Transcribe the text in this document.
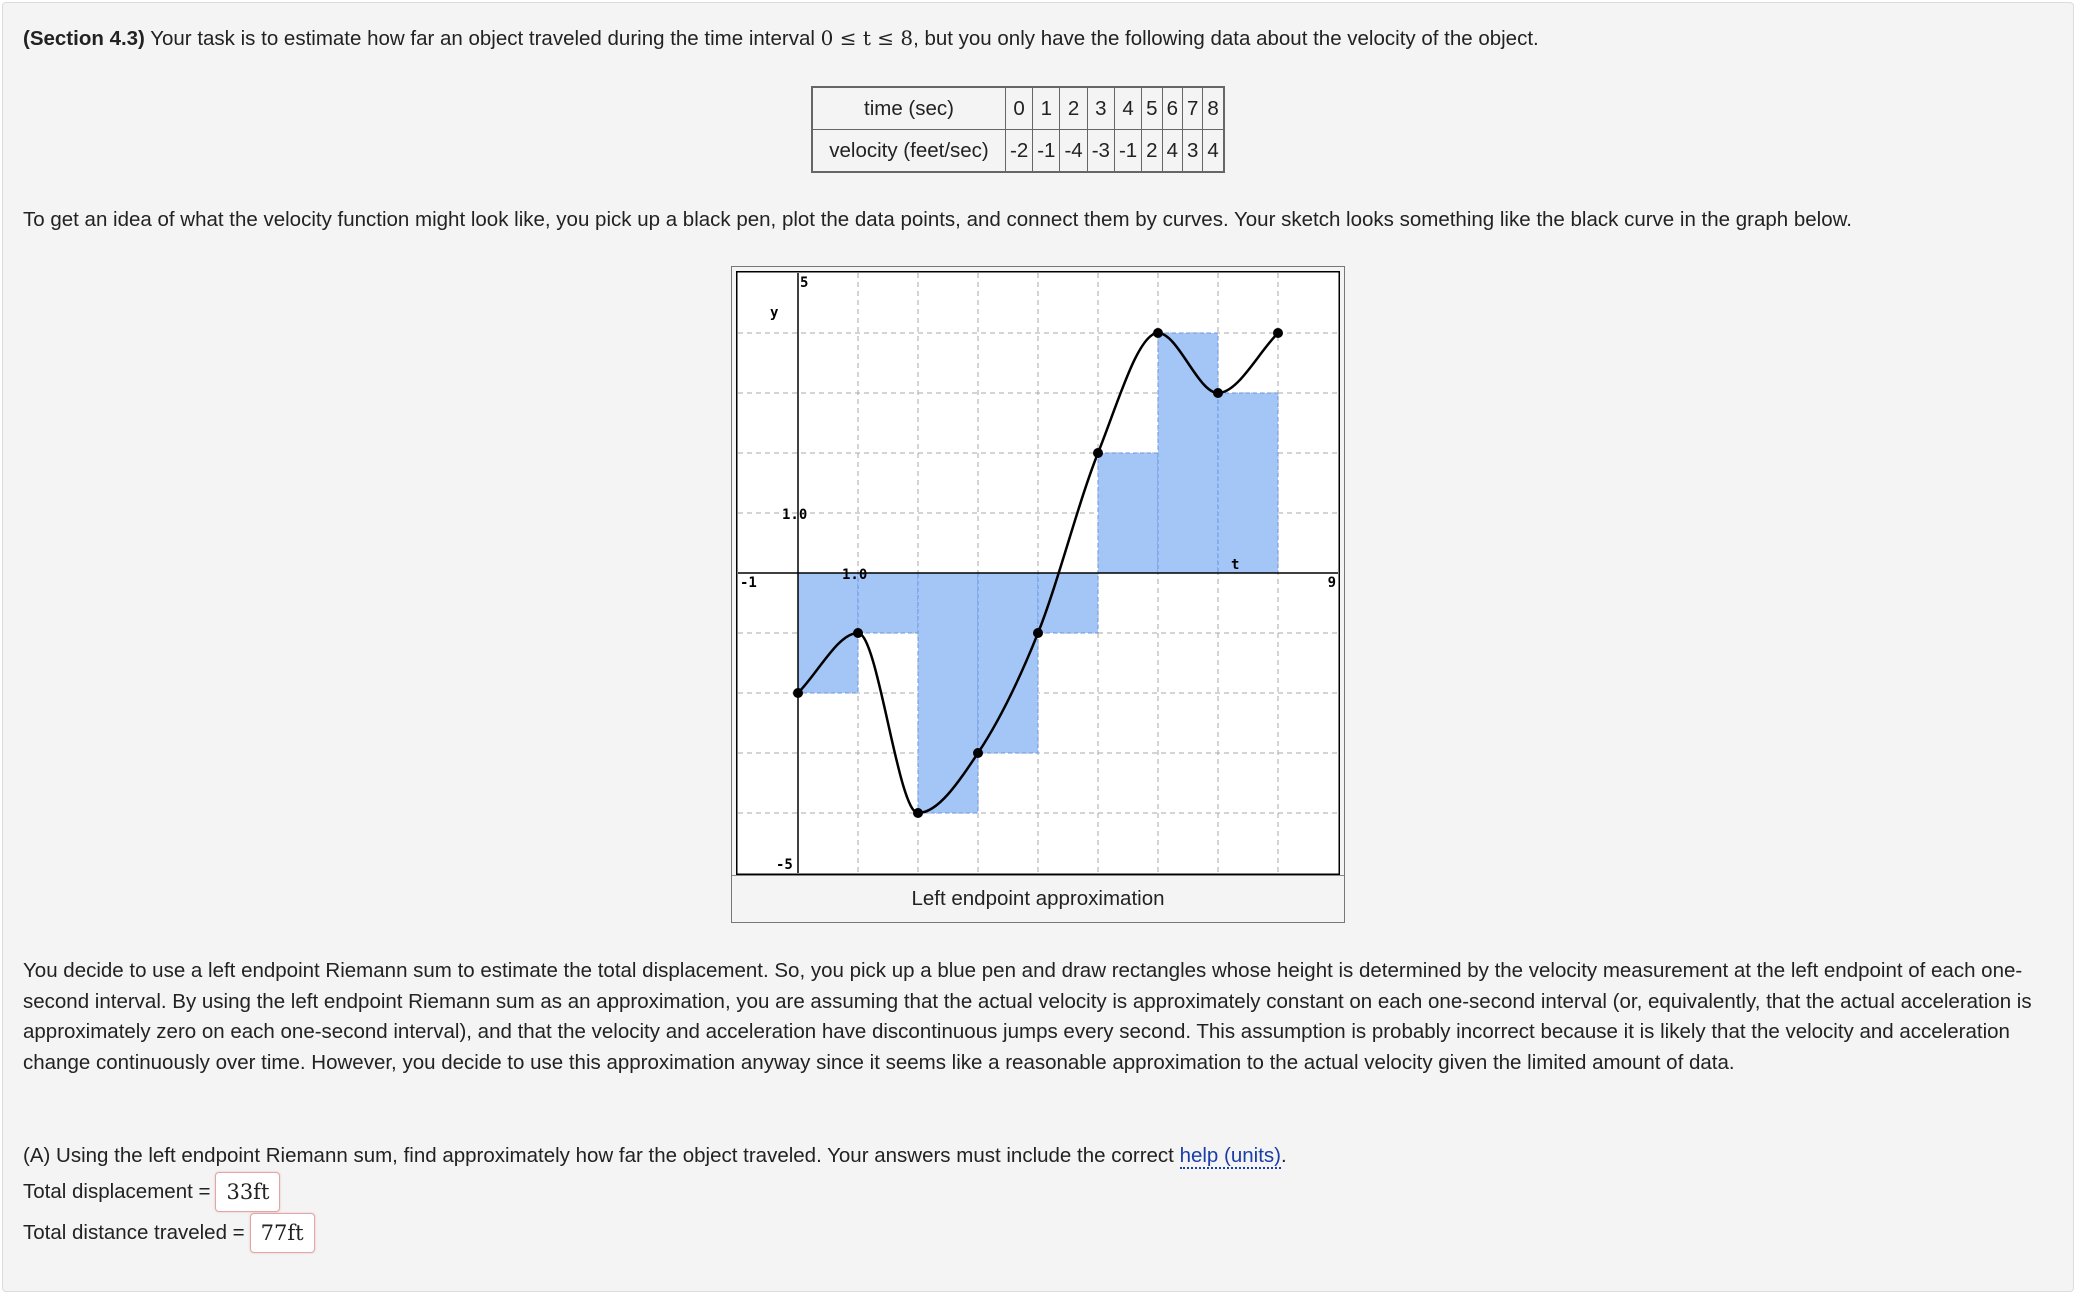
(Section 4.3) Your task is to estimate how far an object traveled during the time interval 0 ≤ t ≤ 8, but you only have the following data about the velocity of the object.
time (sec)	0	1	2	3	4	5	6	7	8
velocity (feet/sec)	-2	-1	-4	-3	-1	2	4	3	4
To get an idea of what the velocity function might look like, you pick up a black pen, plot the data points, and connect them by curves. Your sketch looks something like the black curve in the graph below.
5
y
1.0
1.0
-1	9
t
-5
Left endpoint approximation
You decide to use a left endpoint Riemann sum to estimate the total displacement. So, you pick up a blue pen and draw rectangles whose height is determined by the velocity measurement at the left endpoint of each one-second interval. By using the left endpoint Riemann sum as an approximation, you are assuming that the actual velocity is approximately constant on each one-second interval (or, equivalently, that the actual acceleration is approximately zero on each one-second interval), and that the velocity and acceleration have discontinuous jumps every second. This assumption is probably incorrect because it is likely that the velocity and acceleration change continuously over time. However, you decide to use this approximation anyway since it seems like a reasonable approximation to the actual velocity given the limited amount of data.
(A) Using the left endpoint Riemann sum, find approximately how far the object traveled. Your answers must include the correct help (units).
Total displacement = 33ft
Total distance traveled = 77ft
